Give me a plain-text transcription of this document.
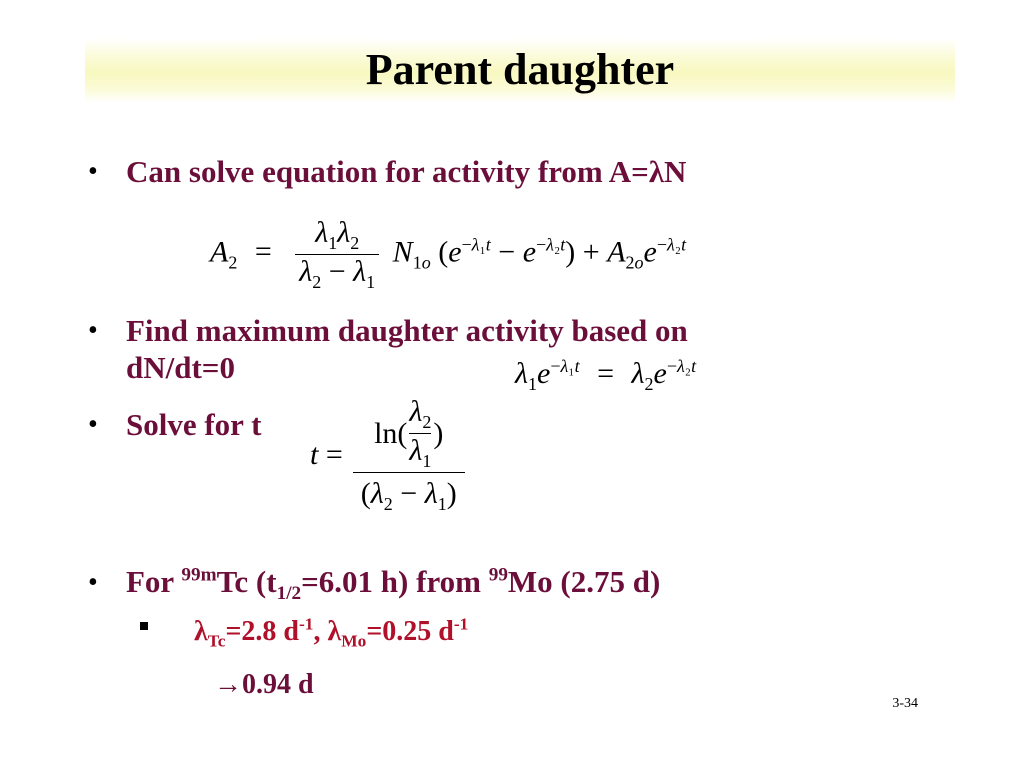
Parent daughter
• Can solve equation for activity from A=λN
$A_2 = \frac{\lambda_1\lambda_2}{\lambda_2 - \lambda_1} N_{1o}$ $(e^{-\lambda_1t} - e^{-\lambda_2t}) + A_{2o}e^{-\lambda_2t}$
• Find maximum daughter activity based on
dN/dt=0	$\lambda_1e^{-\lambda_1t} = \lambda_2e^{-\lambda_2t}$
• Solve for t
t = ln(
$\lambda_2$
$\lambda_1$
)
$(\lambda_2 - \lambda_1)$
• For $^{99m}$Tc ($t_{1/2}=6.01$ h) from $^{99}$Mo (2.75 d)
$\lambda_{Tc}=2.8$ $d^{-1}$, $\lambda_{Mo}=0.25$ $d^{-1}$
→0.94 d
3-34
